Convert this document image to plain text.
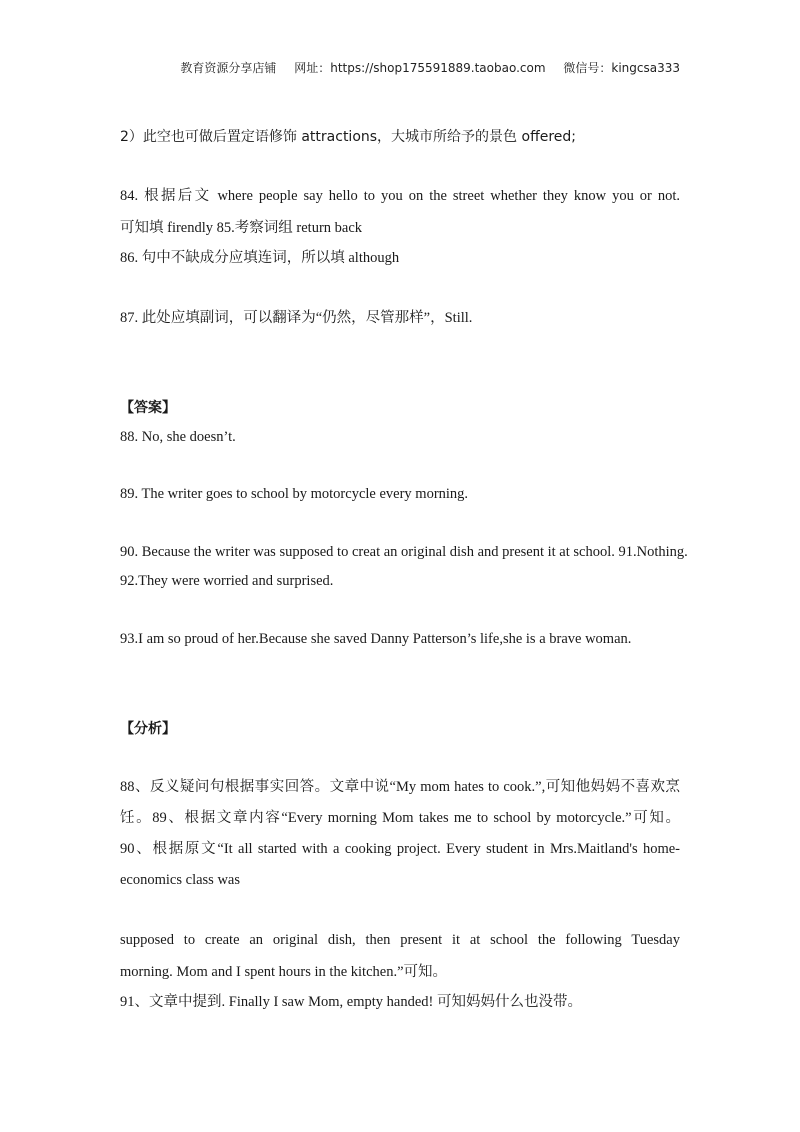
教育资源分享店铺 网址：https://shop175591889.taobao.com 微信号：kingcsa333
2）此空也可做后置定语修饰 attractions，大城市所给予的景色 offered;
84. 根据后文 where people say hello to you on the street whether they know you or not.
可知填 firendly 85.考察词组 return back
86. 句中不缺成分应填连词，所以填 although
87. 此处应填副词，可以翻译为“仍然，尽管那样”，Still.
【答案】
88. No, she doesn’t.
89. The writer goes to school by motorcycle every morning.
90. Because the writer was supposed to creat an original dish and present it at school. 91.Nothing.
92.They were worried and surprised.
93.I am so proud of her.Because she saved Danny Patterson’s life,she is a brave woman.
【分析】
88、反义疑问句根据事实回答。文章中说“My mom hates to cook.”,可知他妈妈不喜欢烹
饪。89、根据文章内容“Every morning Mom takes me to school by motorcycle.”可知。
90、根据原文“It all started with a cooking project. Every student in Mrs.Maitland's home-
economics class was
supposed to create an original dish, then present it at school the following Tuesday
morning. Mom and I spent hours in the kitchen.”可知。
91、文章中提到. Finally I saw Mom, empty handed! 可知妈妈什么也没带。
